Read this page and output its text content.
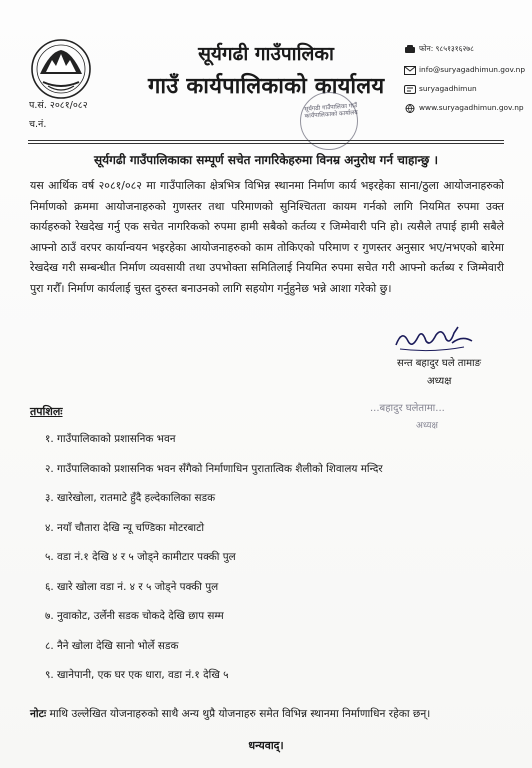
सूर्यगढी गाउँपालिका
गाउँ कार्यपालिकाको कार्यालय
फोन: ९८५१३१६२७८
info@suryagadhimun.gov.np
suryagadhimun
www.suryagadhimun.gov.np
प.सं. २०८१/०८२
च.नं.
सूर्यगढी गाउँपालिका गाउँ कार्यपालिकाको कार्यालय
सूर्यगढी गाउँपालिकाका सम्पूर्ण सचेत नागरिकेहरुमा विनम्र अनुरोध गर्न चाहान्छु ।
यस आर्थिक वर्ष २०८१/०८२ मा गाउँपालिका क्षेत्रभित्र विभिन्न स्थानमा निर्माण कार्य भइरहेका साना/ठुला आयोजनाहरुको निर्माणको क्रममा आयोजनाहरुको गुणस्तर तथा परिमाणको सुनिश्चितता कायम गर्नको लागि नियमित रुपमा उक्त कार्यहरुको रेखदेख गर्नु एक सचेत नागरिकको रुपमा हामी सबैको कर्तव्य र जिम्मेवारी पनि हो। त्यसैले तपाई हामी सबैले आफ्नो ठाउँ वरपर कार्यान्वयन भइरहेका आयोजनाहरुको काम तोकिएको परिमाण र गुणस्तर अनुसार भए/नभएको बारेमा रेखदेख गरी सम्बन्धीत निर्माण व्यवसायी तथा उपभोक्ता समितिलाई नियमित रुपमा सचेत गरी आफ्नो कर्तब्य र जिम्मेवारी पुरा गरौँ। निर्माण कार्यलाई चुस्त दुरुस्त बनाउनको लागि सहयोग गर्नुहुनेछ भन्ने आशा गरेको छु।
सन्त बहादुर घले तामाङ
अध्यक्ष
...बहादुर घलेतामा...
अध्यक्ष
तपशिलः
१. गाउँपालिकाको प्रशासनिक भवन
२. गाउँपालिकाको प्रशासनिक भवन सँगैको निर्माणाधिन पुरातात्विक शैलीको शिवालय मन्दिर
३. खारेखोला, रातमाटे हुँदै हल्देकालिका सडक
४. नयाँ चौतारा देखि न्यू चण्डिका मोटरबाटो
५. वडा नं.१ देखि ४ र ५ जोड्ने कामीटार पक्की पुल
६. खारे खोला वडा नं. ४ र ५ जोड्ने पक्की पुल
७. नुवाकोट, उर्लेनी सडक चोकदे देखि छाप सम्म
८. नैने खोला देखि सानो भोर्ले सडक
९. खानेपानी, एक घर एक धारा, वडा नं.१ देखि ५
नोटः माथि उल्लेखित योजनाहरुको साथै अन्य थुप्रै योजनाहरु समेत विभिन्न स्थानमा निर्माणाधिन रहेका छन्।
धन्यवाद्।
